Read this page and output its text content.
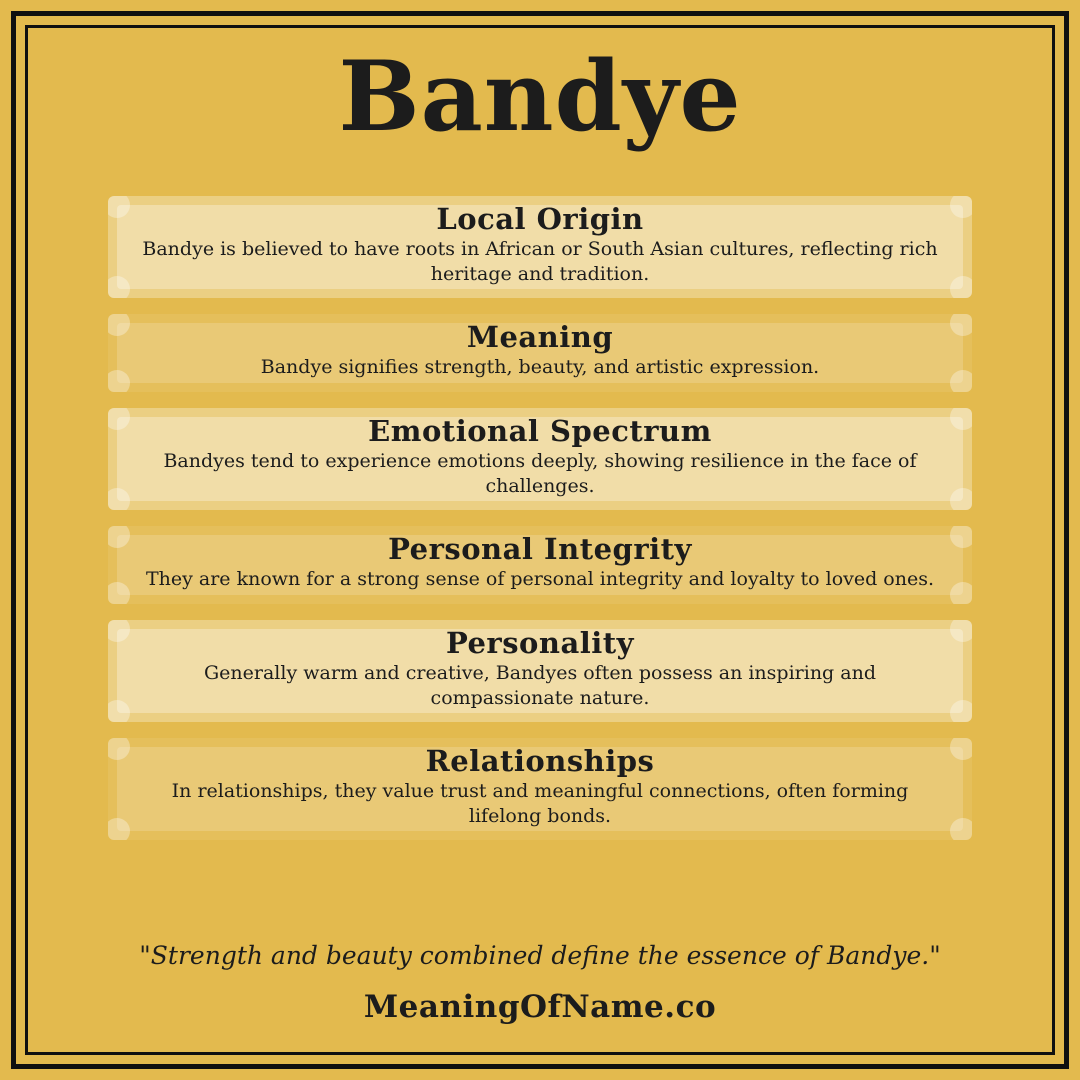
Bandye
Local Origin

Bandye is believed to have roots in African or South Asian cultures, reflecting rich heritage and tradition.

Meaning

Bandye signifies strength, beauty, and artistic expression.

Emotional Spectrum

Bandyes tend to experience emotions deeply, showing resilience in the face of challenges.

Personal Integrity

They are known for a strong sense of personal integrity and loyalty to loved ones.

Personality

Generally warm and creative, Bandyes often possess an inspiring and compassionate nature.

Relationships

In relationships, they value trust and meaningful connections, often forming lifelong bonds.

"Strength and beauty combined define the essence of Bandye."
MeaningOfName.co
